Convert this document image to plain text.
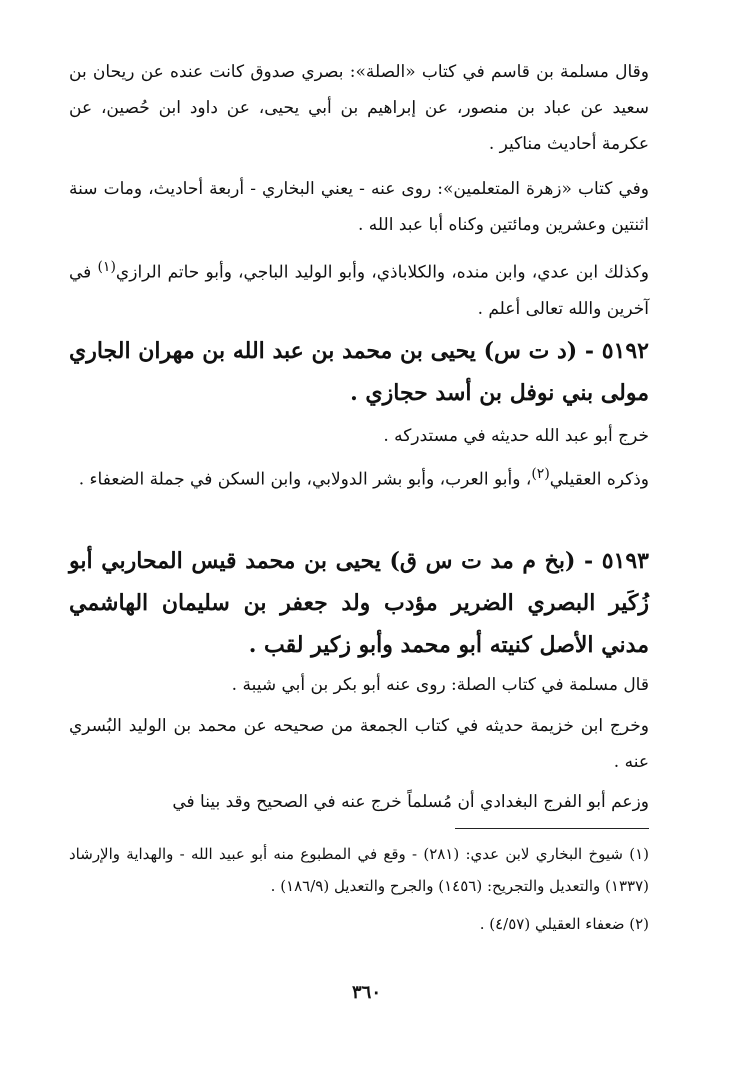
وقال مسلمة بن قاسم في كتاب «الصلة»: بصري صدوق كانت عنده عن ريحان بن سعيد عن عباد بن منصور، عن إبراهيم بن أبي يحيى، عن داود ابن حُصين، عن عكرمة أحاديث مناكير .

وفي كتاب «زهرة المتعلمين»: روى عنه - يعني البخاري - أربعة أحاديث، ومات سنة اثنتين وعشرين ومائتين وكناه أبا عبد الله .

وكذلك ابن عدي، وابن منده، والكلاباذي، وأبو الوليد الباجي، وأبو حاتم الرازي$^{(١)}$ في آخرين والله تعالى أعلم .

٥١٩٢ - (د ت س) يحيى بن محمد بن عبد الله بن مهران الجاري مولى بني نوفل بن أسد حجازي .

خرج أبو عبد الله حديثه في مستدركه .

وذكره العقيلي$^{(٢)}$، وأبو العرب، وأبو بشر الدولابي، وابن السكن في جملة الضعفاء .

٥١٩٣ - (بخ م مد ت س ق) يحيى بن محمد قيس المحاربي أبو زُكَير البصري الضرير مؤدب ولد جعفر بن سليمان الهاشمي مدني الأصل كنيته أبو محمد وأبو زكير لقب .

قال مسلمة في كتاب الصلة: روى عنه أبو بكر بن أبي شيبة .

وخرج ابن خزيمة حديثه في كتاب الجمعة من صحيحه عن محمد بن الوليد البُسري عنه .

وزعم أبو الفرج البغدادي أن مُسلماً خرج عنه في الصحيح وقد بينا في

(١) شيوخ البخاري لابن عدي: (٢٨١) - وقع في المطبوع منه أبو عبيد الله - والهداية والإرشاد (١٣٣٧) والتعديل والتجريح: (١٤٥٦) والجرح والتعديل (١٨٦/٩) .

(٢) ضعفاء العقيلي (٤/٥٧) .

٣٦٠
